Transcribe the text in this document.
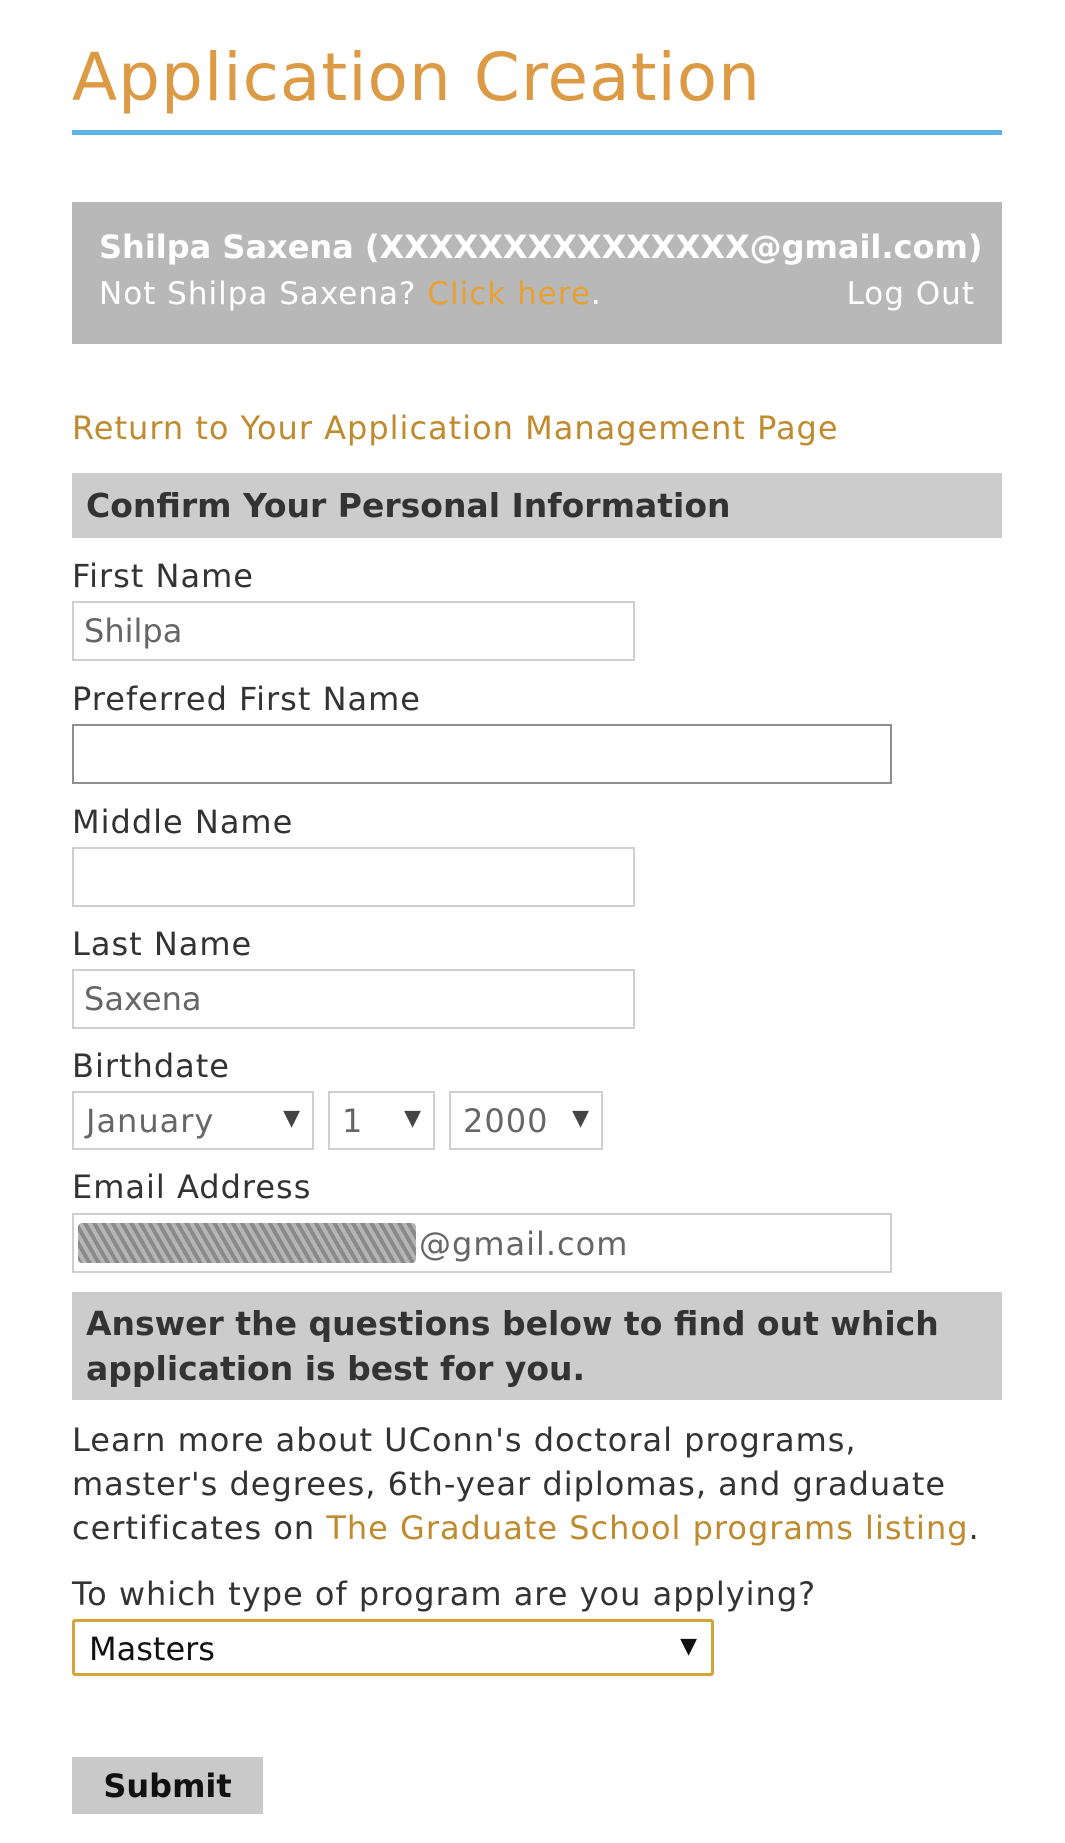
Application Creation
Shilpa Saxena (XXXXXXXXXXXXXXX@gmail.com)
Not Shilpa Saxena? Click here.	Log Out
Return to Your Application Management Page
Confirm Your Personal Information
First Name
Shilpa
Preferred First Name
Middle Name
Last Name
Saxena
Birthdate
January	▼ 1 ▼ 2000 ▼
Email Address
@gmail.com
Answer the questions below to find out which application is best for you.

Learn more about UConn's doctoral programs, master's degrees, 6th-year diplomas, and graduate certificates on The Graduate School programs listing.

To which type of program are you applying?
Masters	▼
Submit
